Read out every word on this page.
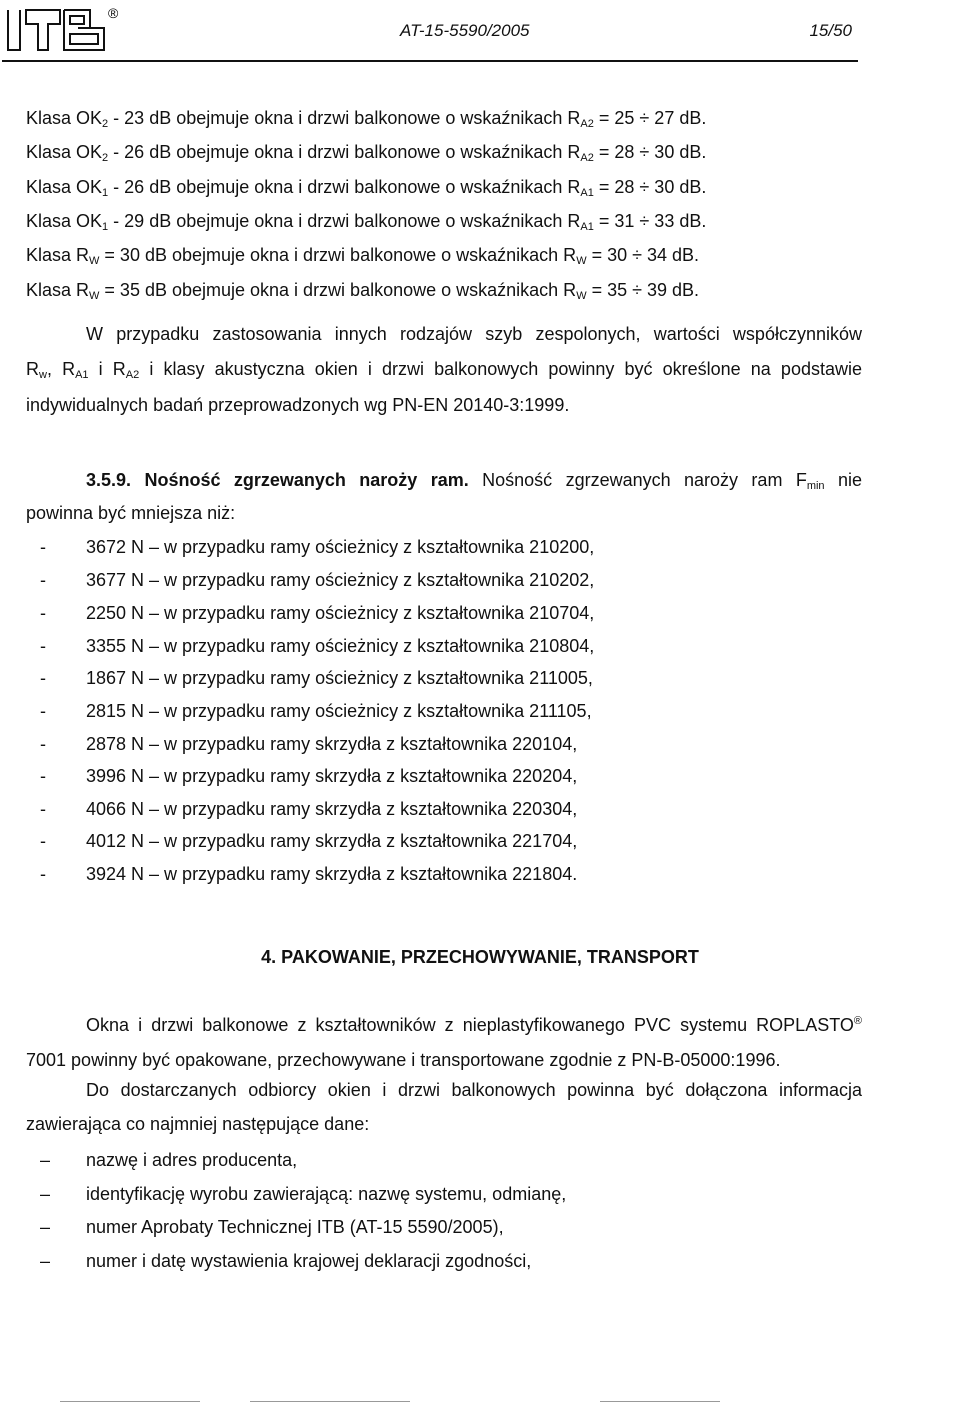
®
AT-15-5590/2005	15/50
Klasa $OK_2 - 23$ dB obejmuje okna i drzwi balkonowe o wskaźnikach $R_{A2} = 25 \div 27$ dB.
Klasa $OK_2 - 26$ dB obejmuje okna i drzwi balkonowe o wskaźnikach $R_{A2} = 28 \div 30$ dB.
Klasa $OK_1 - 26$ dB obejmuje okna i drzwi balkonowe o wskaźnikach $R_{A1} = 28 \div 30$ dB.
Klasa $OK_1 - 29$ dB obejmuje okna i drzwi balkonowe o wskaźnikach $R_{A1} = 31 \div 33$ dB.
Klasa $R_W = 30$ dB obejmuje okna i drzwi balkonowe o wskaźnikach $R_W = 30 \div 34$ dB.
Klasa $R_W = 35$ dB obejmuje okna i drzwi balkonowe o wskaźnikach $R_W = 35 \div 39$ dB.
W przypadku zastosowania innych rodzajów szyb zespolonych, wartości współczynników
$R_w$, $R_{A1}$ i $R_{A2}$ i klasy akustyczna okien i drzwi balkonowych powinny być określone na podstawie
indywidualnych badań przeprowadzonych wg PN-EN 20140-3:1999.
3.5.9. Nośność zgrzewanych naroży ram. Nośność zgrzewanych naroży ram $F_{min}$ nie
powinna być mniejsza niż:
- 3672 N – w przypadku ramy ościeżnicy z kształtownika 210200,
- 3677 N – w przypadku ramy ościeżnicy z kształtownika 210202,
- 2250 N – w przypadku ramy ościeżnicy z kształtownika 210704,
- 3355 N – w przypadku ramy ościeżnicy z kształtownika 210804,
- 1867 N – w przypadku ramy ościeżnicy z kształtownika 211005,
- 2815 N – w przypadku ramy ościeżnicy z kształtownika 211105,
- 2878 N – w przypadku ramy skrzydła z kształtownika 220104,
- 3996 N – w przypadku ramy skrzydła z kształtownika 220204,
- 4066 N – w przypadku ramy skrzydła z kształtownika 220304,
- 4012 N – w przypadku ramy skrzydła z kształtownika 221704,
- 3924 N – w przypadku ramy skrzydła z kształtownika 221804.
4. PAKOWANIE, PRZECHOWYWANIE, TRANSPORT
Okna i drzwi balkonowe z kształtowników z nieplastyfikowanego PVC systemu ROPLASTO®
7001 powinny być opakowane, przechowywane i transportowane zgodnie z PN-B-05000:1996.
Do dostarczanych odbiorcy okien i drzwi balkonowych powinna być dołączona informacja
zawierająca co najmniej następujące dane:
– nazwę i adres producenta,
– identyfikację wyrobu zawierającą: nazwę systemu, odmianę,
– numer Aprobaty Technicznej ITB (AT-15 5590/2005),
– numer i datę wystawienia krajowej deklaracji zgodności,
